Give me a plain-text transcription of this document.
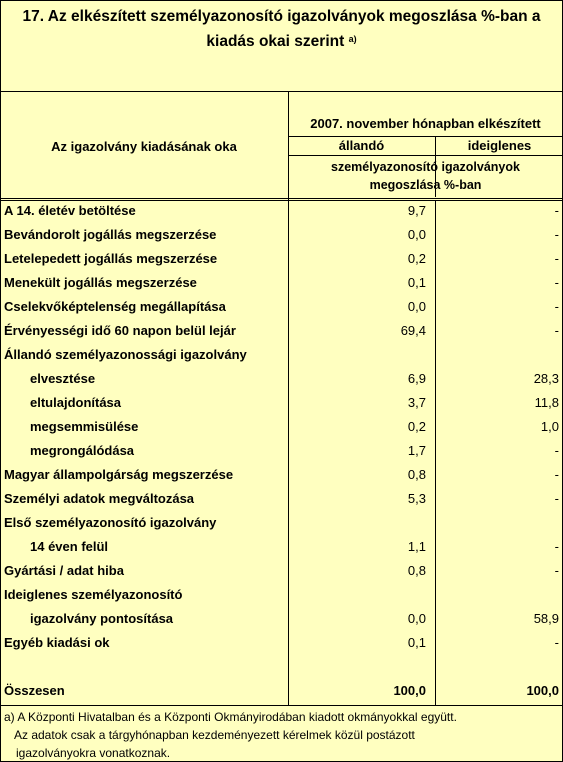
17. Az elkészített személyazonosító igazolványok megoszlása %-ban a
kiadás okai szerint $^{a)}$
Az igazolvány kiadásának oka
2007. november hónapban elkészített
állandó	ideiglenes
személyazonosító igazolványok
megoszlása %-ban
A 14. életév betöltése	9,7	-
Bevándorolt jogállás megszerzése	0,0	-
Letelepedett jogállás megszerzése	0,2	-
Menekült jogállás megszerzése	0,1	-
Cselekvőképtelenség megállapítása	0,0	-
Érvényességi idő 60 napon belül lejár	69,4	-
Állandó személyazonossági igazolvány
elvesztése	6,9	28,3
eltulajdonítása	3,7	11,8
megsemmisülése	0,2	1,0
megrongálódása	1,7	-
Magyar állampolgárság megszerzése	0,8	-
Személyi adatok megváltozása	5,3	-
Első személyazonosító igazolvány
14 éven felül	1,1	-
Gyártási / adat hiba	0,8	-
Ideiglenes személyazonosító
igazolvány pontosítása	0,0	58,9
Egyéb kiadási ok	0,1	-
Összesen	100,0	100,0
a) A Központi Hivatalban és a Központi Okmányirodában kiadott okmányokkal együtt.
Az adatok csak a tárgyhónapban kezdeményezett kérelmek közül postázott
igazolványokra vonatkoznak.
